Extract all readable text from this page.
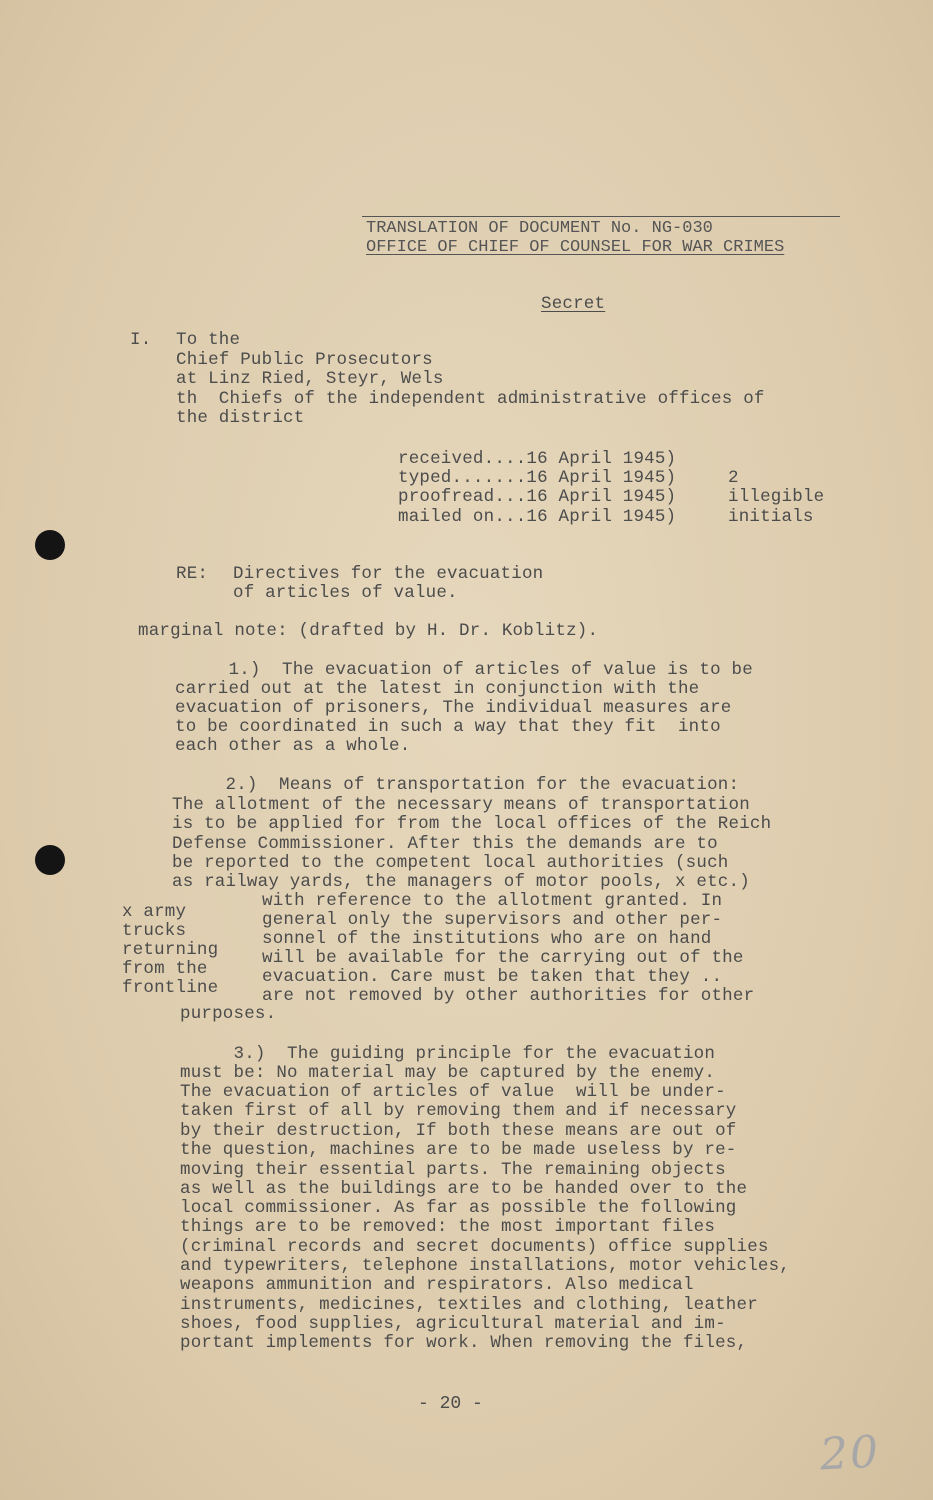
TRANSLATION OF DOCUMENT No. NG-030
OFFICE OF CHIEF OF COUNSEL FOR WAR CRIMES
Secret
I. To the
Chief Public Prosecutors
at Linz Ried, Steyr, Wels
th  Chiefs of the independent administrative offices of
the district
received....16 April 1945)
typed.......16 April 1945)
proofread...16 April 1945)
mailed on...16 April 1945)
2
illegible
initials
RE: Directives for the evacuation
of articles of value.
marginal note: (drafted by H. Dr. Koblitz).
1.)  The evacuation of articles of value is to be
carried out at the latest in conjunction with the
evacuation of prisoners, The individual measures are
to be coordinated in such a way that they fit  into
each other as a whole.
2.)  Means of transportation for the evacuation:
The allotment of the necessary means of transportation
is to be applied for from the local offices of the Reich
Defense Commissioner. After this the demands are to
be reported to the competent local authorities (such
as railway yards, the managers of motor pools, x etc.)
with reference to the allotment granted. In
general only the supervisors and other per-
sonnel of the institutions who are on hand
will be available for the carrying out of the
evacuation. Care must be taken that they ..
are not removed by other authorities for other
purposes.
x army
trucks
returning
from the
frontline
3.)  The guiding principle for the evacuation
must be: No material may be captured by the enemy.
The evacuation of articles of value  will be under-
taken first of all by removing them and if necessary
by their destruction, If both these means are out of
the question, machines are to be made useless by re-
moving their essential parts. The remaining objects
as well as the buildings are to be handed over to the
local commissioner. As far as possible the following
things are to be removed: the most important files
(criminal records and secret documents) office supplies
and typewriters, telephone installations, motor vehicles,
weapons ammunition and respirators. Also medical
instruments, medicines, textiles and clothing, leather
shoes, food supplies, agricultural material and im-
portant implements for work. When removing the files,
- 20 -
20
